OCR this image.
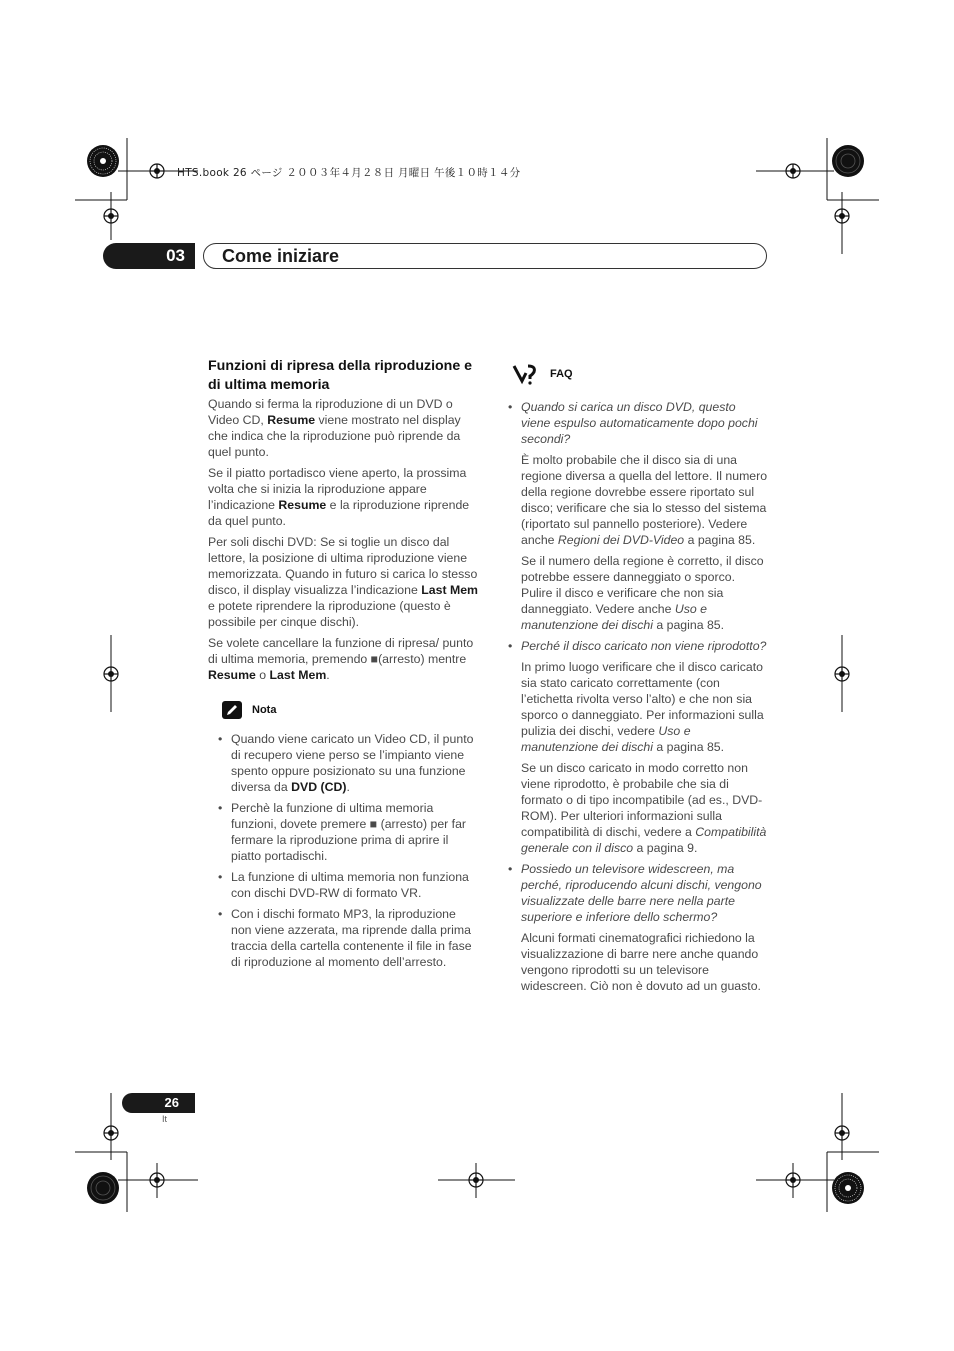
HTS.book 26 ページ ２００３年４月２８日 月曜日 午後１０時１４分
03	Come iniziare
Funzioni di ripresa della riproduzione e di ultima memoria

Quando si ferma la riproduzione di un DVD o Video CD, Resume viene mostrato nel display che indica che la riproduzione può riprende da quel punto.

Se il piatto portadisco viene aperto, la prossima volta che si inizia la riproduzione appare l’indicazione Resume e la riproduzione riprende da quel punto.

Per soli dischi DVD: Se si toglie un disco dal lettore, la posizione di ultima riproduzione viene memorizzata. Quando in futuro si carica lo stesso disco, il display visualizza l’indicazione Last Mem e potete riprendere la riproduzione (questo è possibile per cinque dischi).

Se volete cancellare la funzione di ripresa/ punto di ultima memoria, premendo ■(arresto) mentre Resume o Last Mem.

Nota
• Quando viene caricato un Video CD, il punto di recupero viene perso se l’impianto viene spento oppure posizionato su una funzione diversa da DVD (CD).
• Perchè la funzione di ultima memoria funzioni, dovete premere ■ (arresto) per far fermare la riproduzione prima di aprire il piatto portadischi.
• La funzione di ultima memoria non funziona con dischi DVD-RW di formato VR.
• Con i dischi formato MP3, la riproduzione non viene azzerata, ma riprende dalla prima traccia della cartella contenente il file in fase di riproduzione al momento dell’arresto.
FAQ
• Quando si carica un disco DVD, questo viene espulso automaticamente dopo pochi secondi?

È molto probabile che il disco sia di una regione diversa a quella del lettore. Il numero della regione dovrebbe essere riportato sul disco; verificare che sia lo stesso del sistema (riportato sul pannello posteriore). Vedere anche Regioni dei DVD-Video a pagina 85.

Se il numero della regione è corretto, il disco potrebbe essere danneggiato o sporco. Pulire il disco e verificare che non sia danneggiato. Vedere anche Uso e manutenzione dei dischi a pagina 85.

• Perché il disco caricato non viene riprodotto?

In primo luogo verificare che il disco caricato sia stato caricato correttamente (con l’etichetta rivolta verso l’alto) e che non sia sporco o danneggiato. Per informazioni sulla pulizia dei dischi, vedere Uso e manutenzione dei dischi a pagina 85.

Se un disco caricato in modo corretto non viene riprodotto, è probabile che sia di formato o di tipo incompatibile (ad es., DVD-ROM). Per ulteriori informazioni sulla compatibilità di dischi, vedere a Compatibilità generale con il disco a pagina 9.

• Possiedo un televisore widescreen, ma perché, riproducendo alcuni dischi, vengono visualizzate delle barre nere nella parte superiore e inferiore dello schermo?

Alcuni formati cinematografici richiedono la visualizzazione di barre nere anche quando vengono riprodotti su un televisore widescreen. Ciò non è dovuto ad un guasto.

26
It
